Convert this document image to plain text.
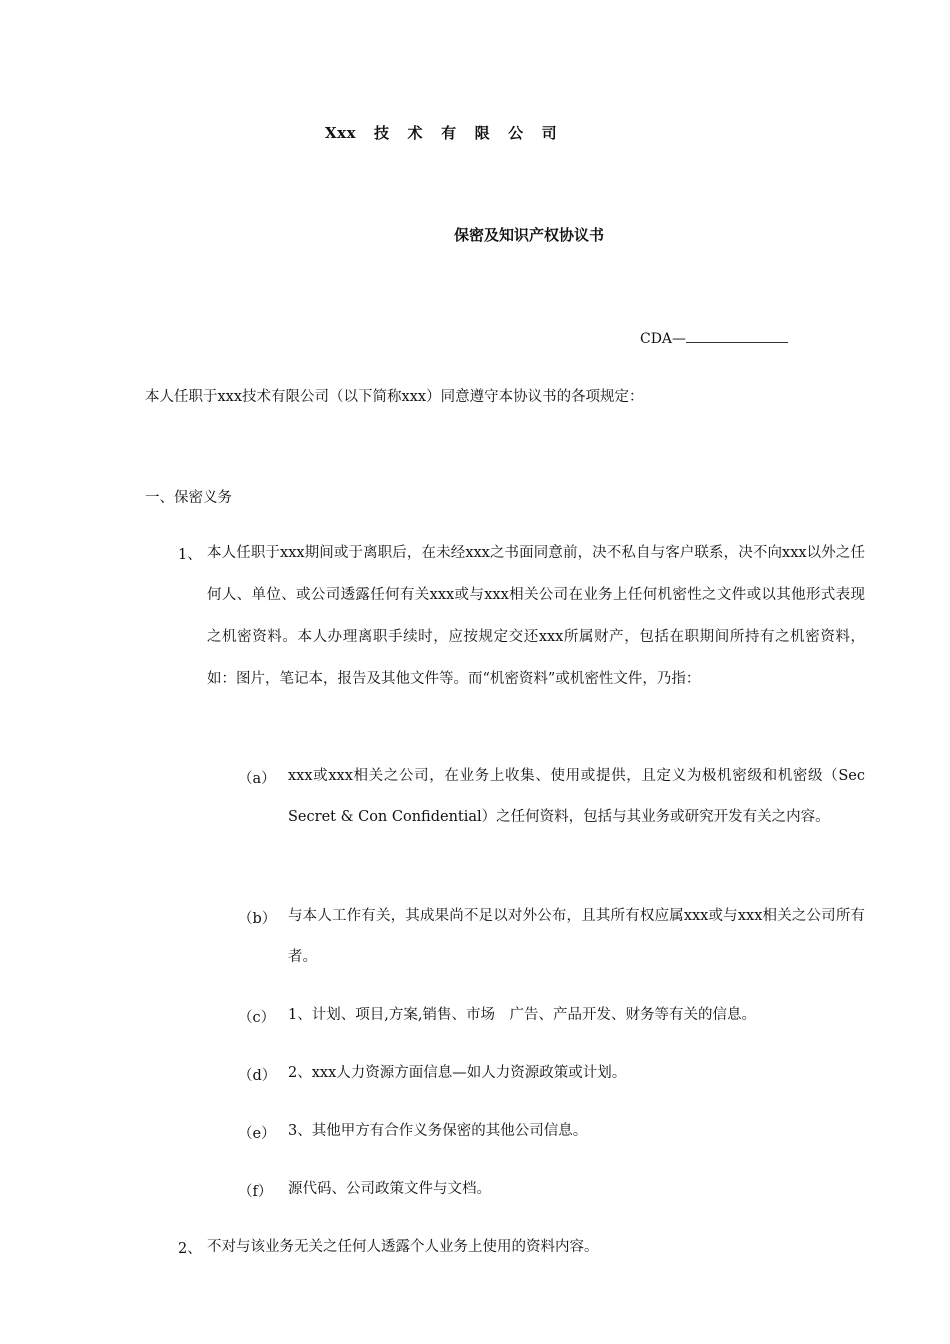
Xxx 技 术 有 限 公 司
保密及知识产权协议书
CDA—
本人任职于xxx技术有限公司（以下简称xxx）同意遵守本协议书的各项规定：
一、保密义务
1、 本人任职于xxx期间或于离职后，在未经xxx之书面同意前，决不私自与客户联系，决不向xxx以外之任何人、单位、或公司透露任何有关xxx或与xxx相关公司在业务上任何机密性之文件或以其他形式表现之机密资料。本人办理离职手续时，应按规定交还xxx所属财产，包括在职期间所持有之机密资料，如：图片，笔记本，报告及其他文件等。而“机密资料”或机密性文件，乃指：
（a） xxx或xxx相关之公司，在业务上收集、使用或提供，且定义为极机密级和机密级（Sec Secret & Con Confidential）之任何资料，包括与其业务或研究开发有关之内容。
（b） 与本人工作有关，其成果尚不足以对外公布，且其所有权应属xxx或与xxx相关之公司所有者。
（c） 1、计划、项目,方案,销售、市场　广告、产品开发、财务等有关的信息。
（d） 2、xxx人力资源方面信息—如人力资源政策或计划。
（e） 3、其他甲方有合作义务保密的其他公司信息。
（f） 源代码、公司政策文件与文档。
2、 不对与该业务无关之任何人透露个人业务上使用的资料内容。
